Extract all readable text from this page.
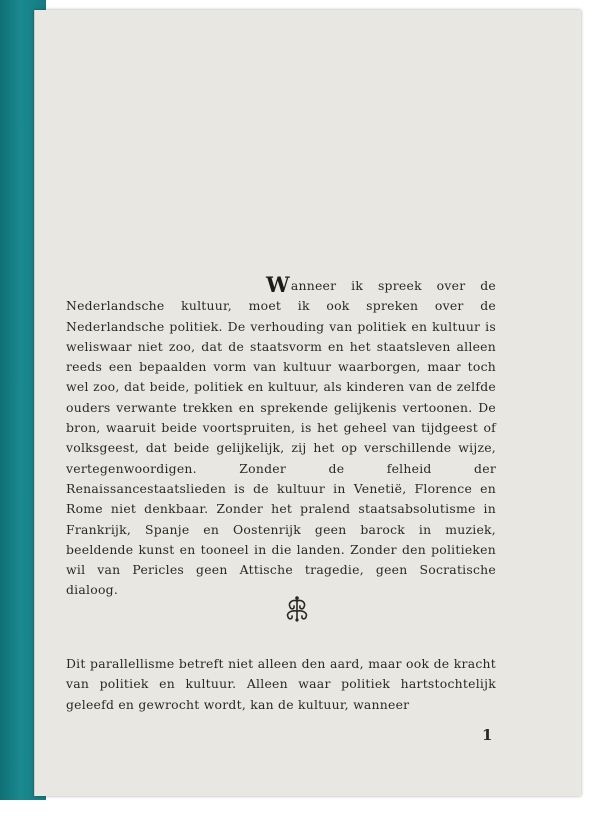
Wanneer ik spreek over de Nederlandsche kultuur, moet ik ook spreken over de Nederlandsche politiek. De verhouding van politiek en kultuur is weliswaar niet zoo, dat de staatsvorm en het staatsleven alleen reeds een bepaalden vorm van kultuur waarborgen, maar toch wel zoo, dat beide, politiek en kultuur, als kinderen van de zelfde ouders verwante trekken en sprekende gelijkenis vertoonen. De bron, waaruit beide voortspruiten, is het geheel van tijdgeest of volksgeest, dat beide gelijkelijk, zij het op verschillende wijze, vertegenwoordigen. Zonder de felheid der Renaissancestaatslieden is de kultuur in Venetië, Florence en Rome niet denkbaar. Zonder het pralend staatsabsolutisme in Frankrijk, Spanje en Oostenrijk geen barock in muziek, beeldende kunst en tooneel in die landen. Zonder den politieken wil van Pericles geen Attische tragedie, geen Socratische dialoog.

Dit parallellisme betreft niet alleen den aard, maar ook de kracht van politiek en kultuur. Alleen waar politiek hartstochtelijk geleefd en gewrocht wordt, kan de kultuur, wanneer

1
